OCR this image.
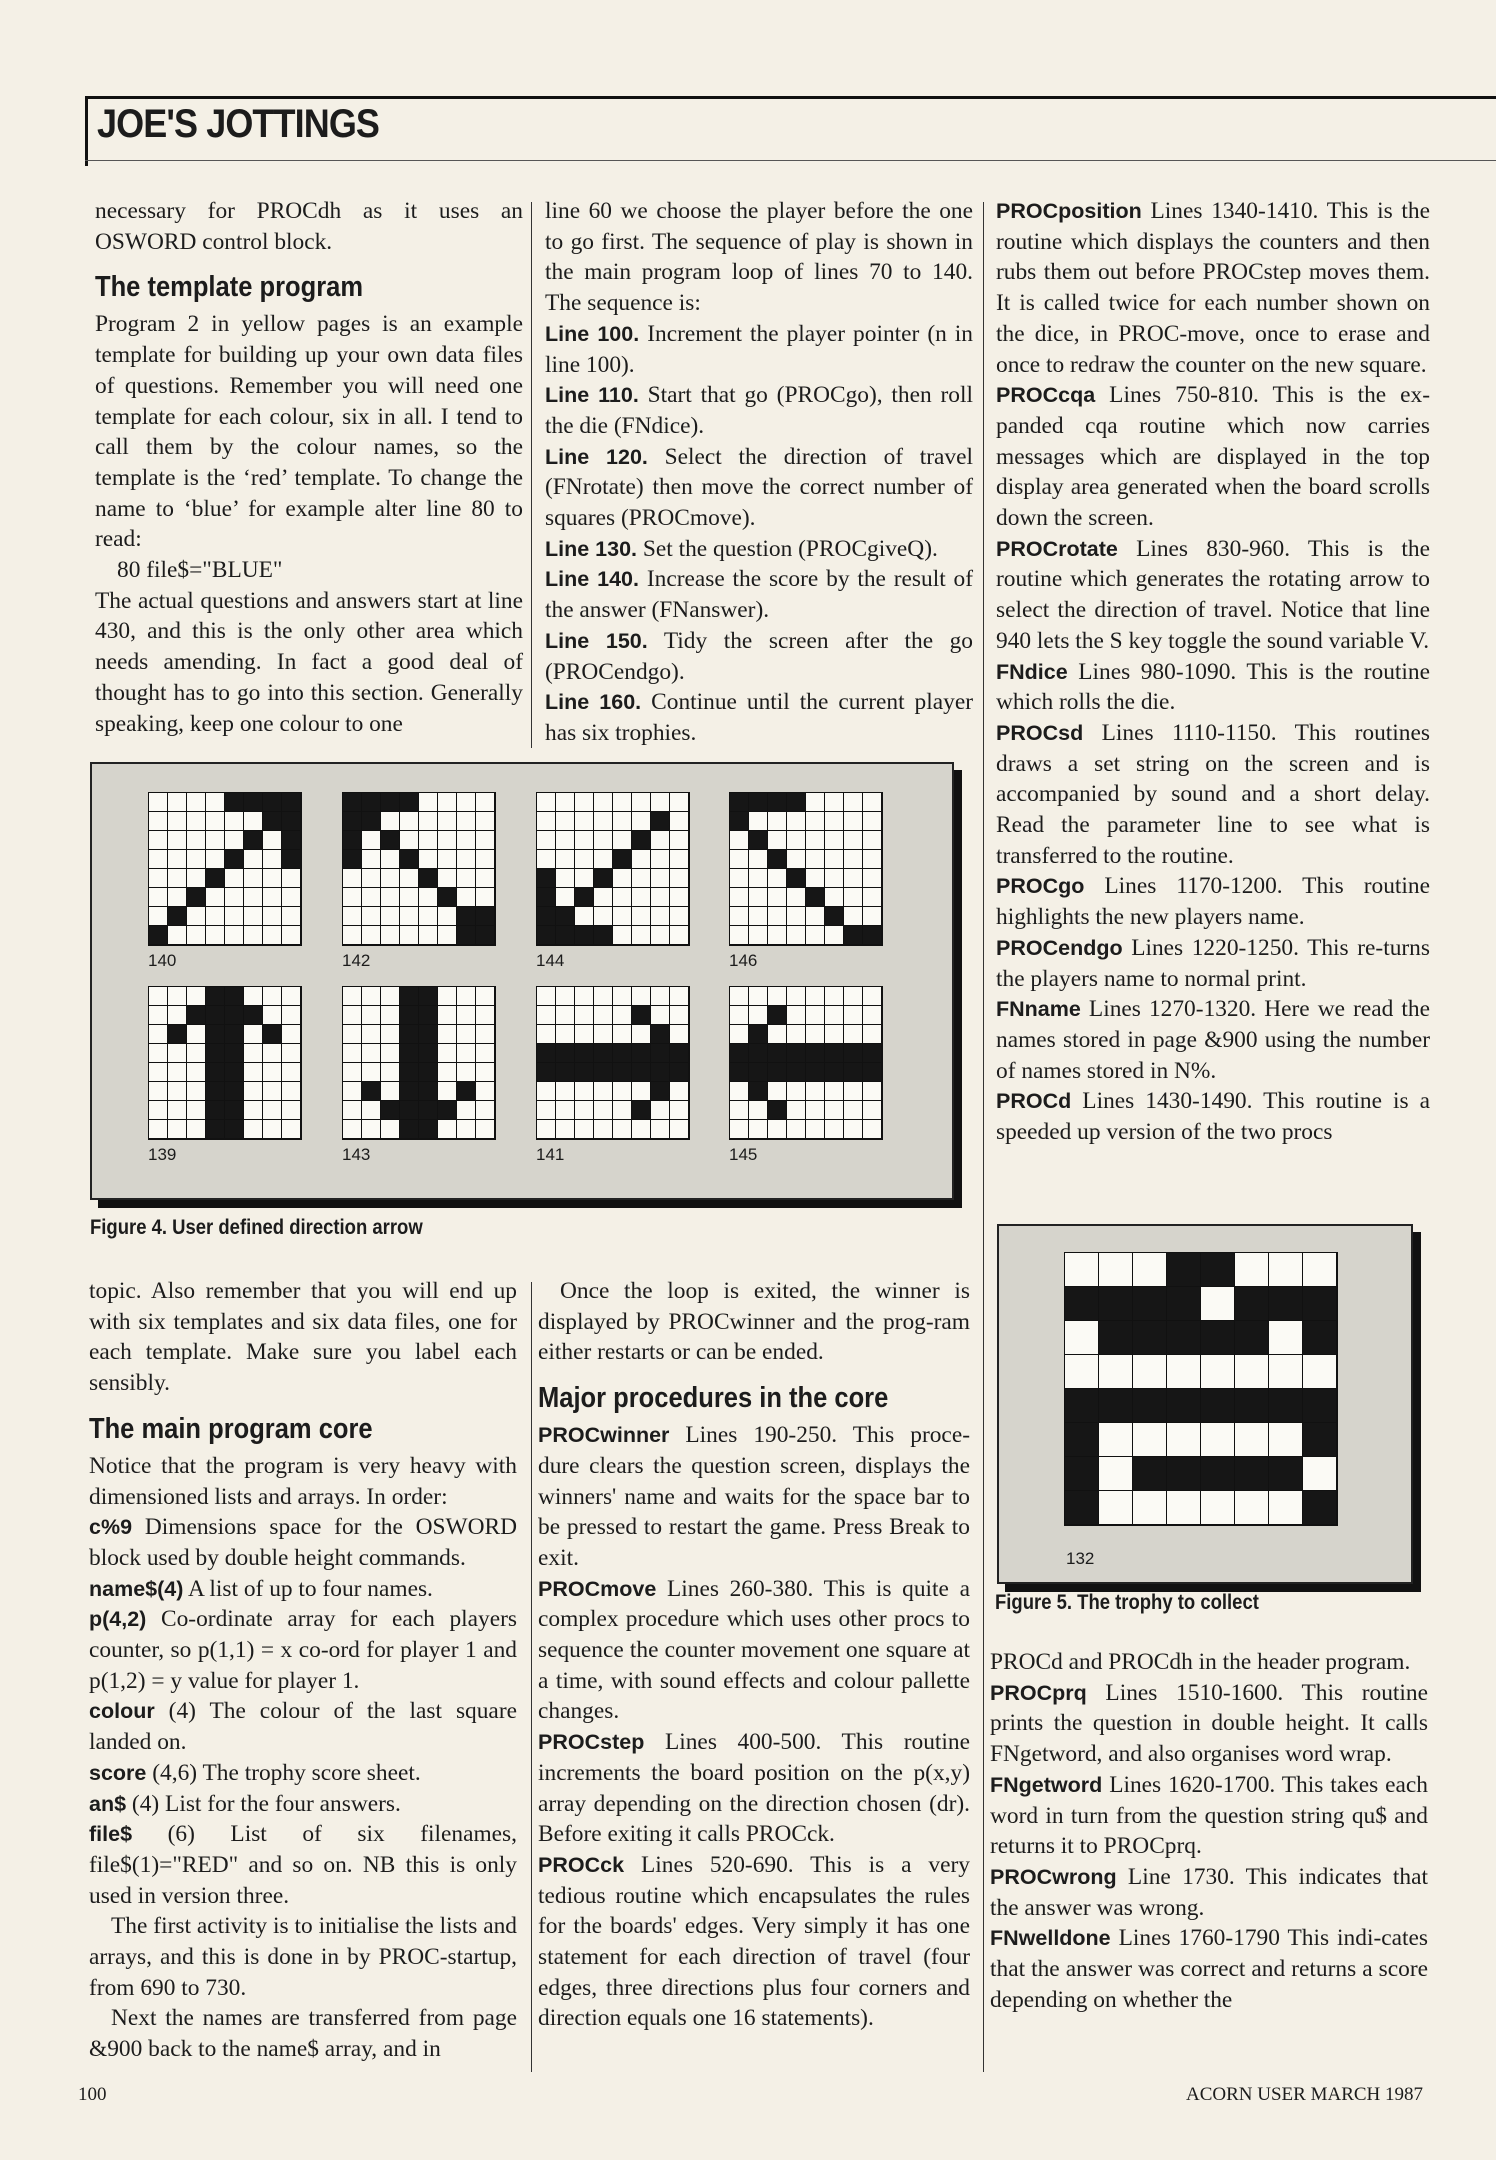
JOE'S JOTTINGS

necessary for PROCdh as it uses an OSWORD control block.

The template program

Program 2 in yellow pages is an example template for building up your own data files of questions. Remember you will need one template for each colour, six in all. I tend to call them by the colour names, so the template is the ‘red’ template. To change the name to ‘blue’ for example alter line 80 to read:

80 file$="BLUE"

The actual questions and answers start at line 430, and this is the only other area which needs amending. In fact a good deal of thought has to go into this section. Generally speaking, keep one colour to one

line 60 we choose the player before the one to go first. The sequence of play is shown in the main program loop of lines 70 to 140. The sequence is:

Line 100. Increment the player pointer (n in line 100).

Line 110. Start that go (PROCgo), then roll the die (FNdice).

Line 120. Select the direction of travel (FNrotate) then move the correct number of squares (PROCmove).

Line 130. Set the question (PROCgiveQ).

Line 140. Increase the score by the result of the answer (FNanswer).

Line 150. Tidy the screen after the go (PROCendgo).

Line 160. Continue until the current player has six trophies.

PROCposition Lines 1340-1410. This is the routine which displays the counters and then rubs them out before PROCstep moves them. It is called twice for each number shown on the dice, in PROC-move, once to erase and once to redraw the counter on the new square.

PROCcqa Lines 750-810. This is the ex-panded cqa routine which now carries messages which are displayed in the top display area generated when the board scrolls down the screen.

PROCrotate Lines 830-960. This is the routine which generates the rotating arrow to select the direction of travel. Notice that line 940 lets the S key toggle the sound variable V.

FNdice Lines 980-1090. This is the routine which rolls the die.

PROCsd Lines 1110-1150. This routines draws a set string on the screen and is accompanied by sound and a short delay. Read the parameter line to see what is transferred to the routine.

PROCgo Lines 1170-1200. This routine highlights the new players name.

PROCendgo Lines 1220-1250. This re-turns the players name to normal print.

FNname Lines 1270-1320. Here we read the names stored in page &900 using the number of names stored in N%.

PROCd Lines 1430-1490. This routine is a speeded up version of the two procs

140	142	144	146
139	143	141	145
Figure 4. User defined direction arrow
132
Figure 5. The trophy to collect

topic. Also remember that you will end up with six templates and six data files, one for each template. Make sure you label each sensibly.

The main program core

Notice that the program is very heavy with dimensioned lists and arrays. In order:

c%9 Dimensions space for the OSWORD block used by double height commands.

name$(4) A list of up to four names.

p(4,2) Co-ordinate array for each players counter, so p(1,1) = x co-ord for player 1 and p(1,2) = y value for player 1.

colour (4) The colour of the last square landed on.

score (4,6) The trophy score sheet.

an$ (4) List for the four answers.

file$ (6) List of six filenames, file$(1)="RED" and so on. NB this is only used in version three.

The first activity is to initialise the lists and arrays, and this is done in by PROC-startup, from 690 to 730.

Next the names are transferred from page &900 back to the name$ array, and in

Once the loop is exited, the winner is displayed by PROCwinner and the prog-ram either restarts or can be ended.

Major procedures in the core

PROCwinner Lines 190-250. This proce-dure clears the question screen, displays the winners' name and waits for the space bar to be pressed to restart the game. Press Break to exit.

PROCmove Lines 260-380. This is quite a complex procedure which uses other procs to sequence the counter movement one square at a time, with sound effects and colour pallette changes.

PROCstep Lines 400-500. This routine increments the board position on the p(x,y) array depending on the direction chosen (dr). Before exiting it calls PROCck.

PROCck Lines 520-690. This is a very tedious routine which encapsulates the rules for the boards' edges. Very simply it has one statement for each direction of travel (four edges, three directions plus four corners and direction equals one 16 statements).

PROCd and PROCdh in the header program.

PROCprq Lines 1510-1600. This routine prints the question in double height. It calls FNgetword, and also organises word wrap.

FNgetword Lines 1620-1700. This takes each word in turn from the question string qu$ and returns it to PROCprq.

PROCwrong Line 1730. This indicates that the answer was wrong.

FNwelldone Lines 1760-1790 This indi-cates that the answer was correct and returns a score depending on whether the

100	ACORN USER MARCH 1987
